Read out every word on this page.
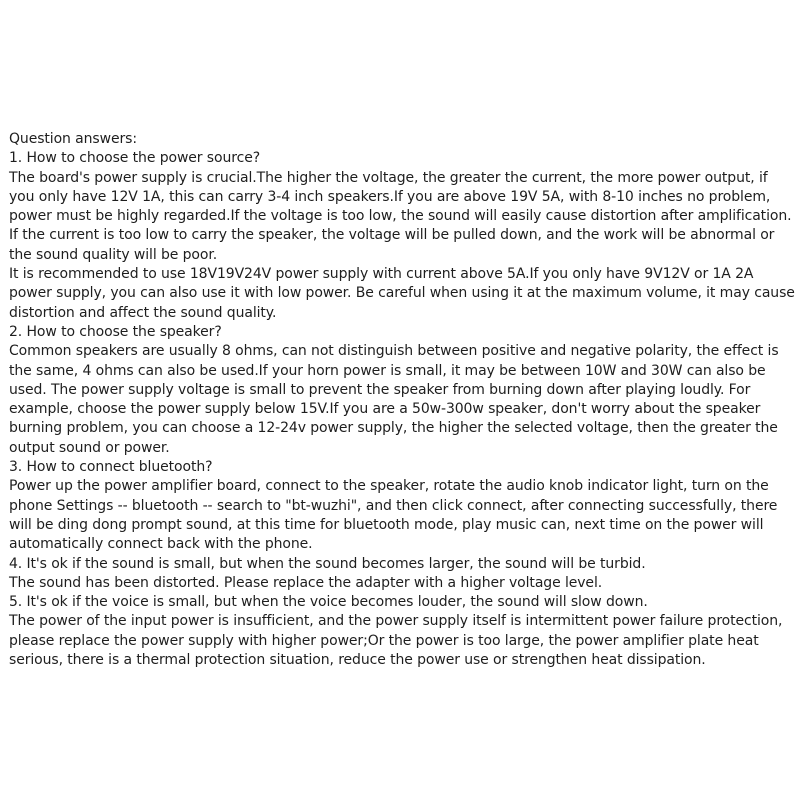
Question answers:
1. How to choose the power source?
The board's power supply is crucial.The higher the voltage, the greater the current, the more power output, if
you only have 12V 1A, this can carry 3-4 inch speakers.If you are above 19V 5A, with 8-10 inches no problem,
power must be highly regarded.If the voltage is too low, the sound will easily cause distortion after amplification.
If the current is too low to carry the speaker, the voltage will be pulled down, and the work will be abnormal or
the sound quality will be poor.
It is recommended to use 18V19V24V power supply with current above 5A.If you only have 9V12V or 1A 2A
power supply, you can also use it with low power. Be careful when using it at the maximum volume, it may cause
distortion and affect the sound quality.
2. How to choose the speaker?
Common speakers are usually 8 ohms, can not distinguish between positive and negative polarity, the effect is
the same, 4 ohms can also be used.If your horn power is small, it may be between 10W and 30W can also be
used. The power supply voltage is small to prevent the speaker from burning down after playing loudly. For
example, choose the power supply below 15V.If you are a 50w-300w speaker, don't worry about the speaker
burning problem, you can choose a 12-24v power supply, the higher the selected voltage, then the greater the
output sound or power.
3. How to connect bluetooth?
Power up the power amplifier board, connect to the speaker, rotate the audio knob indicator light, turn on the
phone Settings -- bluetooth -- search to "bt-wuzhi", and then click connect, after connecting successfully, there
will be ding dong prompt sound, at this time for bluetooth mode, play music can, next time on the power will
automatically connect back with the phone.
4. It's ok if the sound is small, but when the sound becomes larger, the sound will be turbid.
The sound has been distorted. Please replace the adapter with a higher voltage level.
5. It's ok if the voice is small, but when the voice becomes louder, the sound will slow down.
The power of the input power is insufficient, and the power supply itself is intermittent power failure protection,
please replace the power supply with higher power;Or the power is too large, the power amplifier plate heat
serious, there is a thermal protection situation, reduce the power use or strengthen heat dissipation.
